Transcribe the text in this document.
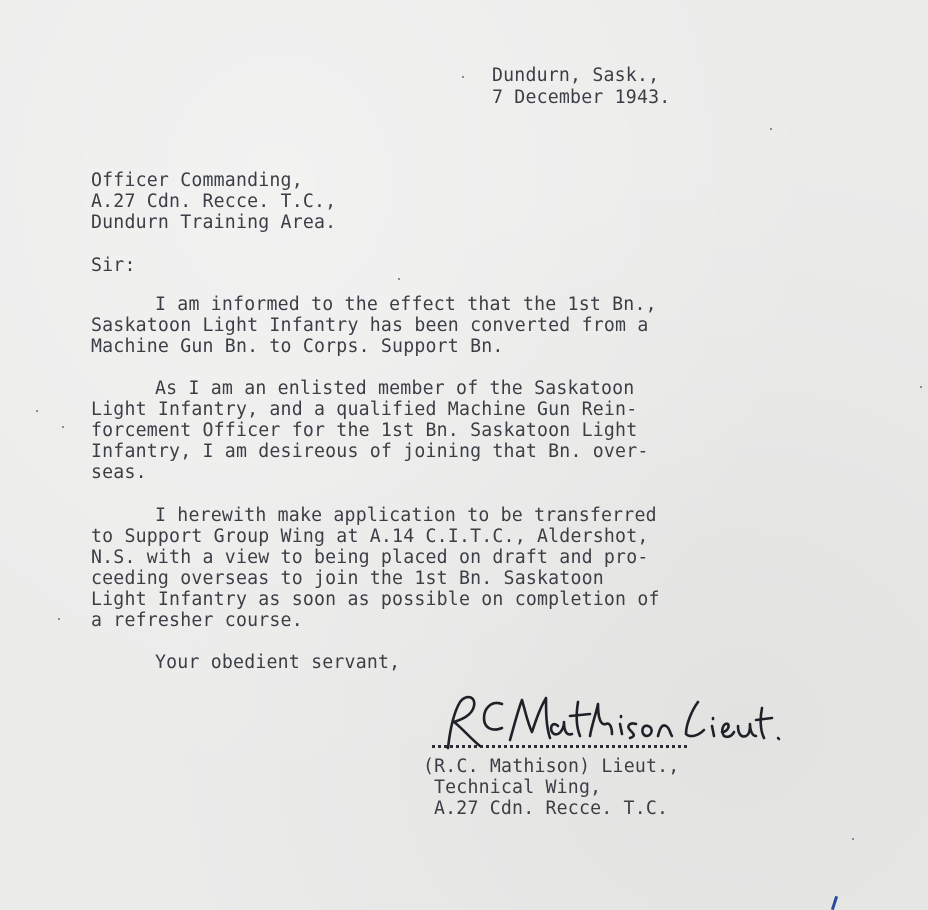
Dundurn, Sask.,
7 December 1943.
Officer Commanding,
A.27 Cdn. Recce. T.C.,
Dundurn Training Area.
Sir:
I am informed to the effect that the 1st Bn.,
Saskatoon Light Infantry has been converted from a
Machine Gun Bn. to Corps. Support Bn.
As I am an enlisted member of the Saskatoon
Light Infantry, and a qualified Machine Gun Rein-
forcement Officer for the 1st Bn. Saskatoon Light
Infantry, I am desireous of joining that Bn. over-
seas.
I herewith make application to be transferred
to Support Group Wing at A.14 C.I.T.C., Aldershot,
N.S. with a view to being placed on draft and pro-
ceeding overseas to join the 1st Bn. Saskatoon
Light Infantry as soon as possible on completion of
a refresher course.
Your obedient servant,
(R.C. Mathison) Lieut.,
Technical Wing,
A.27 Cdn. Recce. T.C.
